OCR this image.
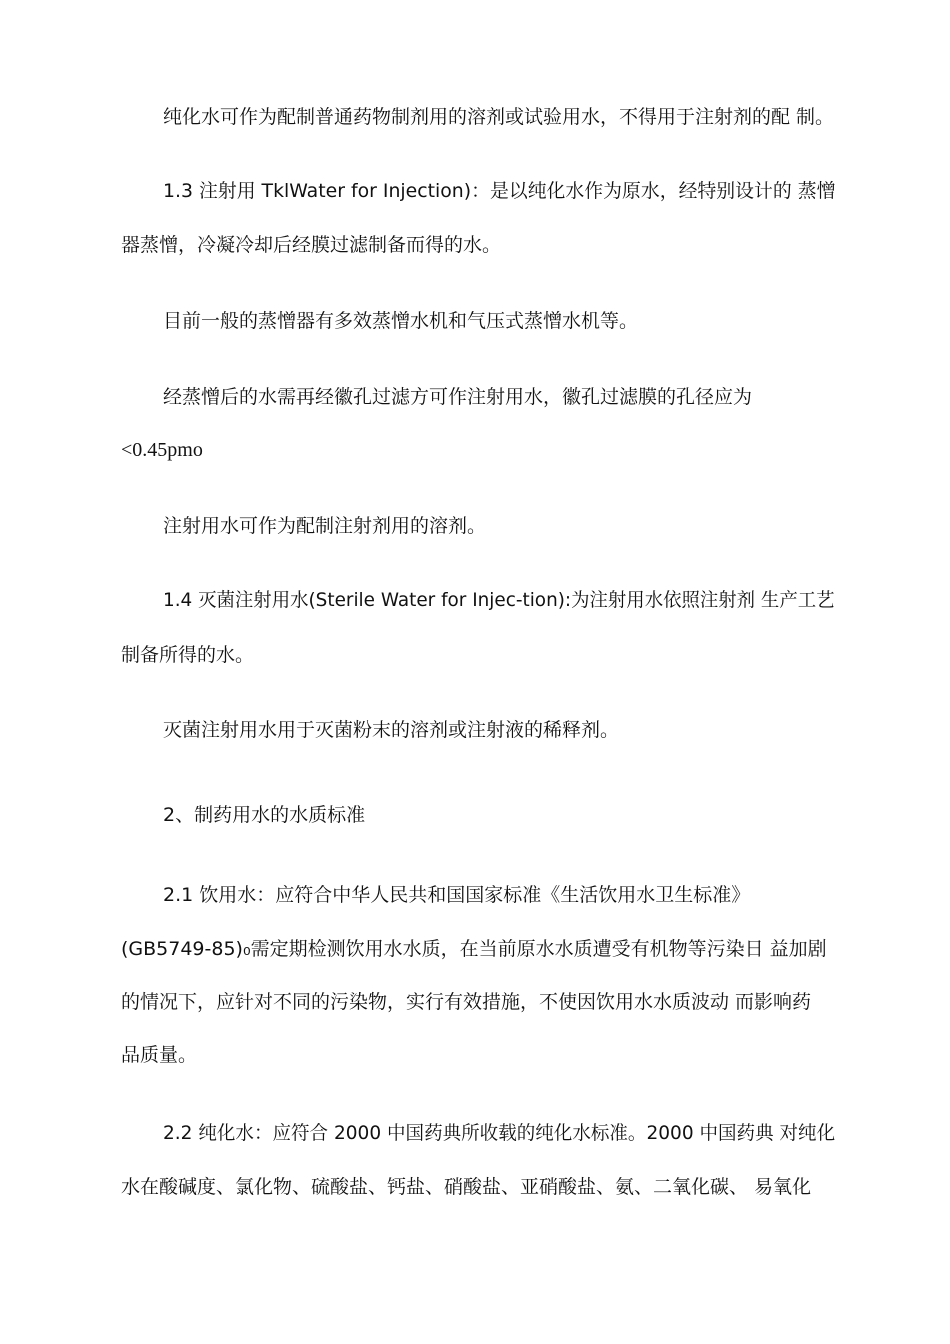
纯化水可作为配制普通药物制剂用的溶剂或试验用水，不得用于注射剂的配 制。
1.3 注射用 TklWater for Injection)：是以纯化水作为原水，经特别设计的 蒸憎
器蒸憎，冷凝冷却后经膜过滤制备而得的水。
目前一般的蒸憎器有多效蒸憎水机和气压式蒸憎水机等。
经蒸憎后的水需再经徽孔过滤方可作注射用水，徽孔过滤膜的孔径应为
<0.45pmo
注射用水可作为配制注射剂用的溶剂。
1.4 灭菌注射用水(Sterile Water for Injec-tion):为注射用水依照注射剂 生产工艺
制备所得的水。
灭菌注射用水用于灭菌粉末的溶剂或注射液的稀释剂。
2、制药用水的水质标准
2.1 饮用水：应符合中华人民共和国国家标准《生活饮用水卫生标准》
(GB5749-85)₀需定期检测饮用水水质，在当前原水水质遭受有机物等污染日 益加剧
的情况下，应针对不同的污染物，实行有效措施，不使因饮用水水质波动 而影响药
品质量。
2.2 纯化水：应符合 2000 中国药典所收载的纯化水标准。2000 中国药典 对纯化
水在酸碱度、氯化物、硫酸盐、钙盐、硝酸盐、亚硝酸盐、氨、二氧化碳、 易氧化
